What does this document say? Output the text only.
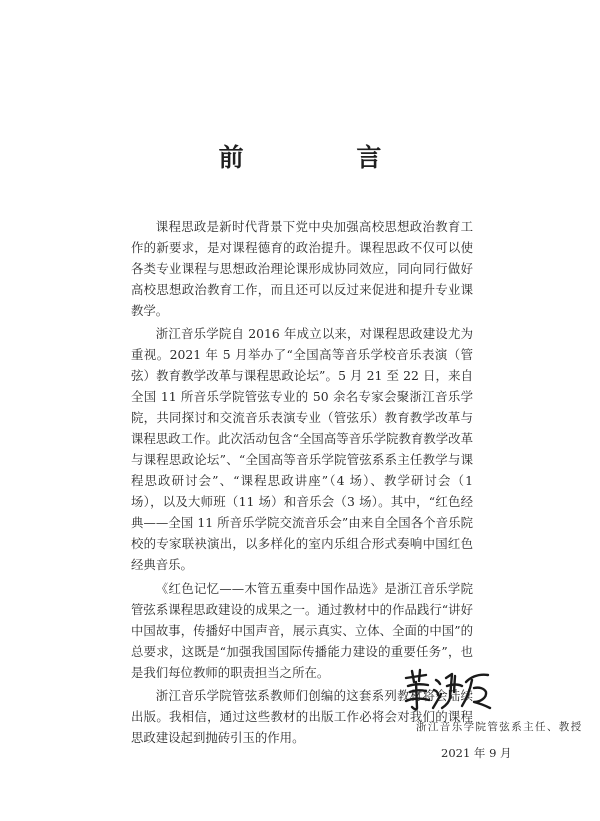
前 言

课程思政是新时代背景下党中央加强高校思想政治教育工作的新要求，是对课程德育的政治提升。课程思政不仅可以使各类专业课程与思想政治理论课形成协同效应，同向同行做好高校思想政治教育工作，而且还可以反过来促进和提升专业课教学。

浙江音乐学院自 2016 年成立以来，对课程思政建设尤为重视。2021 年 5 月举办了“全国高等音乐学校音乐表演（管弦）教育教学改革与课程思政论坛”。5 月 21 至 22 日，来自全国 11 所音乐学院管弦专业的 50 余名专家会聚浙江音乐学院，共同探讨和交流音乐表演专业（管弦乐）教育教学改革与课程思政工作。此次活动包含“全国高等音乐学院教育教学改革与课程思政论坛”、“全国高等音乐学院管弦系系主任教学与课程思政研讨会”、“课程思政讲座”（4 场）、教学研讨会（1 场），以及大师班（11 场）和音乐会（3 场）。其中，“红色经典——全国 11 所音乐学院交流音乐会”由来自全国各个音乐院校的专家联袂演出，以多样化的室内乐组合形式奏响中国红色经典音乐。

《红色记忆——木管五重奏中国作品选》是浙江音乐学院管弦系课程思政建设的成果之一。通过教材中的作品践行“讲好中国故事，传播好中国声音，展示真实、立体、全面的中国”的总要求，这既是“加强我国国际传播能力建设的重要任务”，也是我们每位教师的职责担当之所在。

浙江音乐学院管弦系教师们创编的这套系列教材将会陆续出版。我相信，通过这些教材的出版工作必将会对我们的课程思政建设起到抛砖引玉的作用。

浙江音乐学院管弦系主任、教授
2021 年 9 月
